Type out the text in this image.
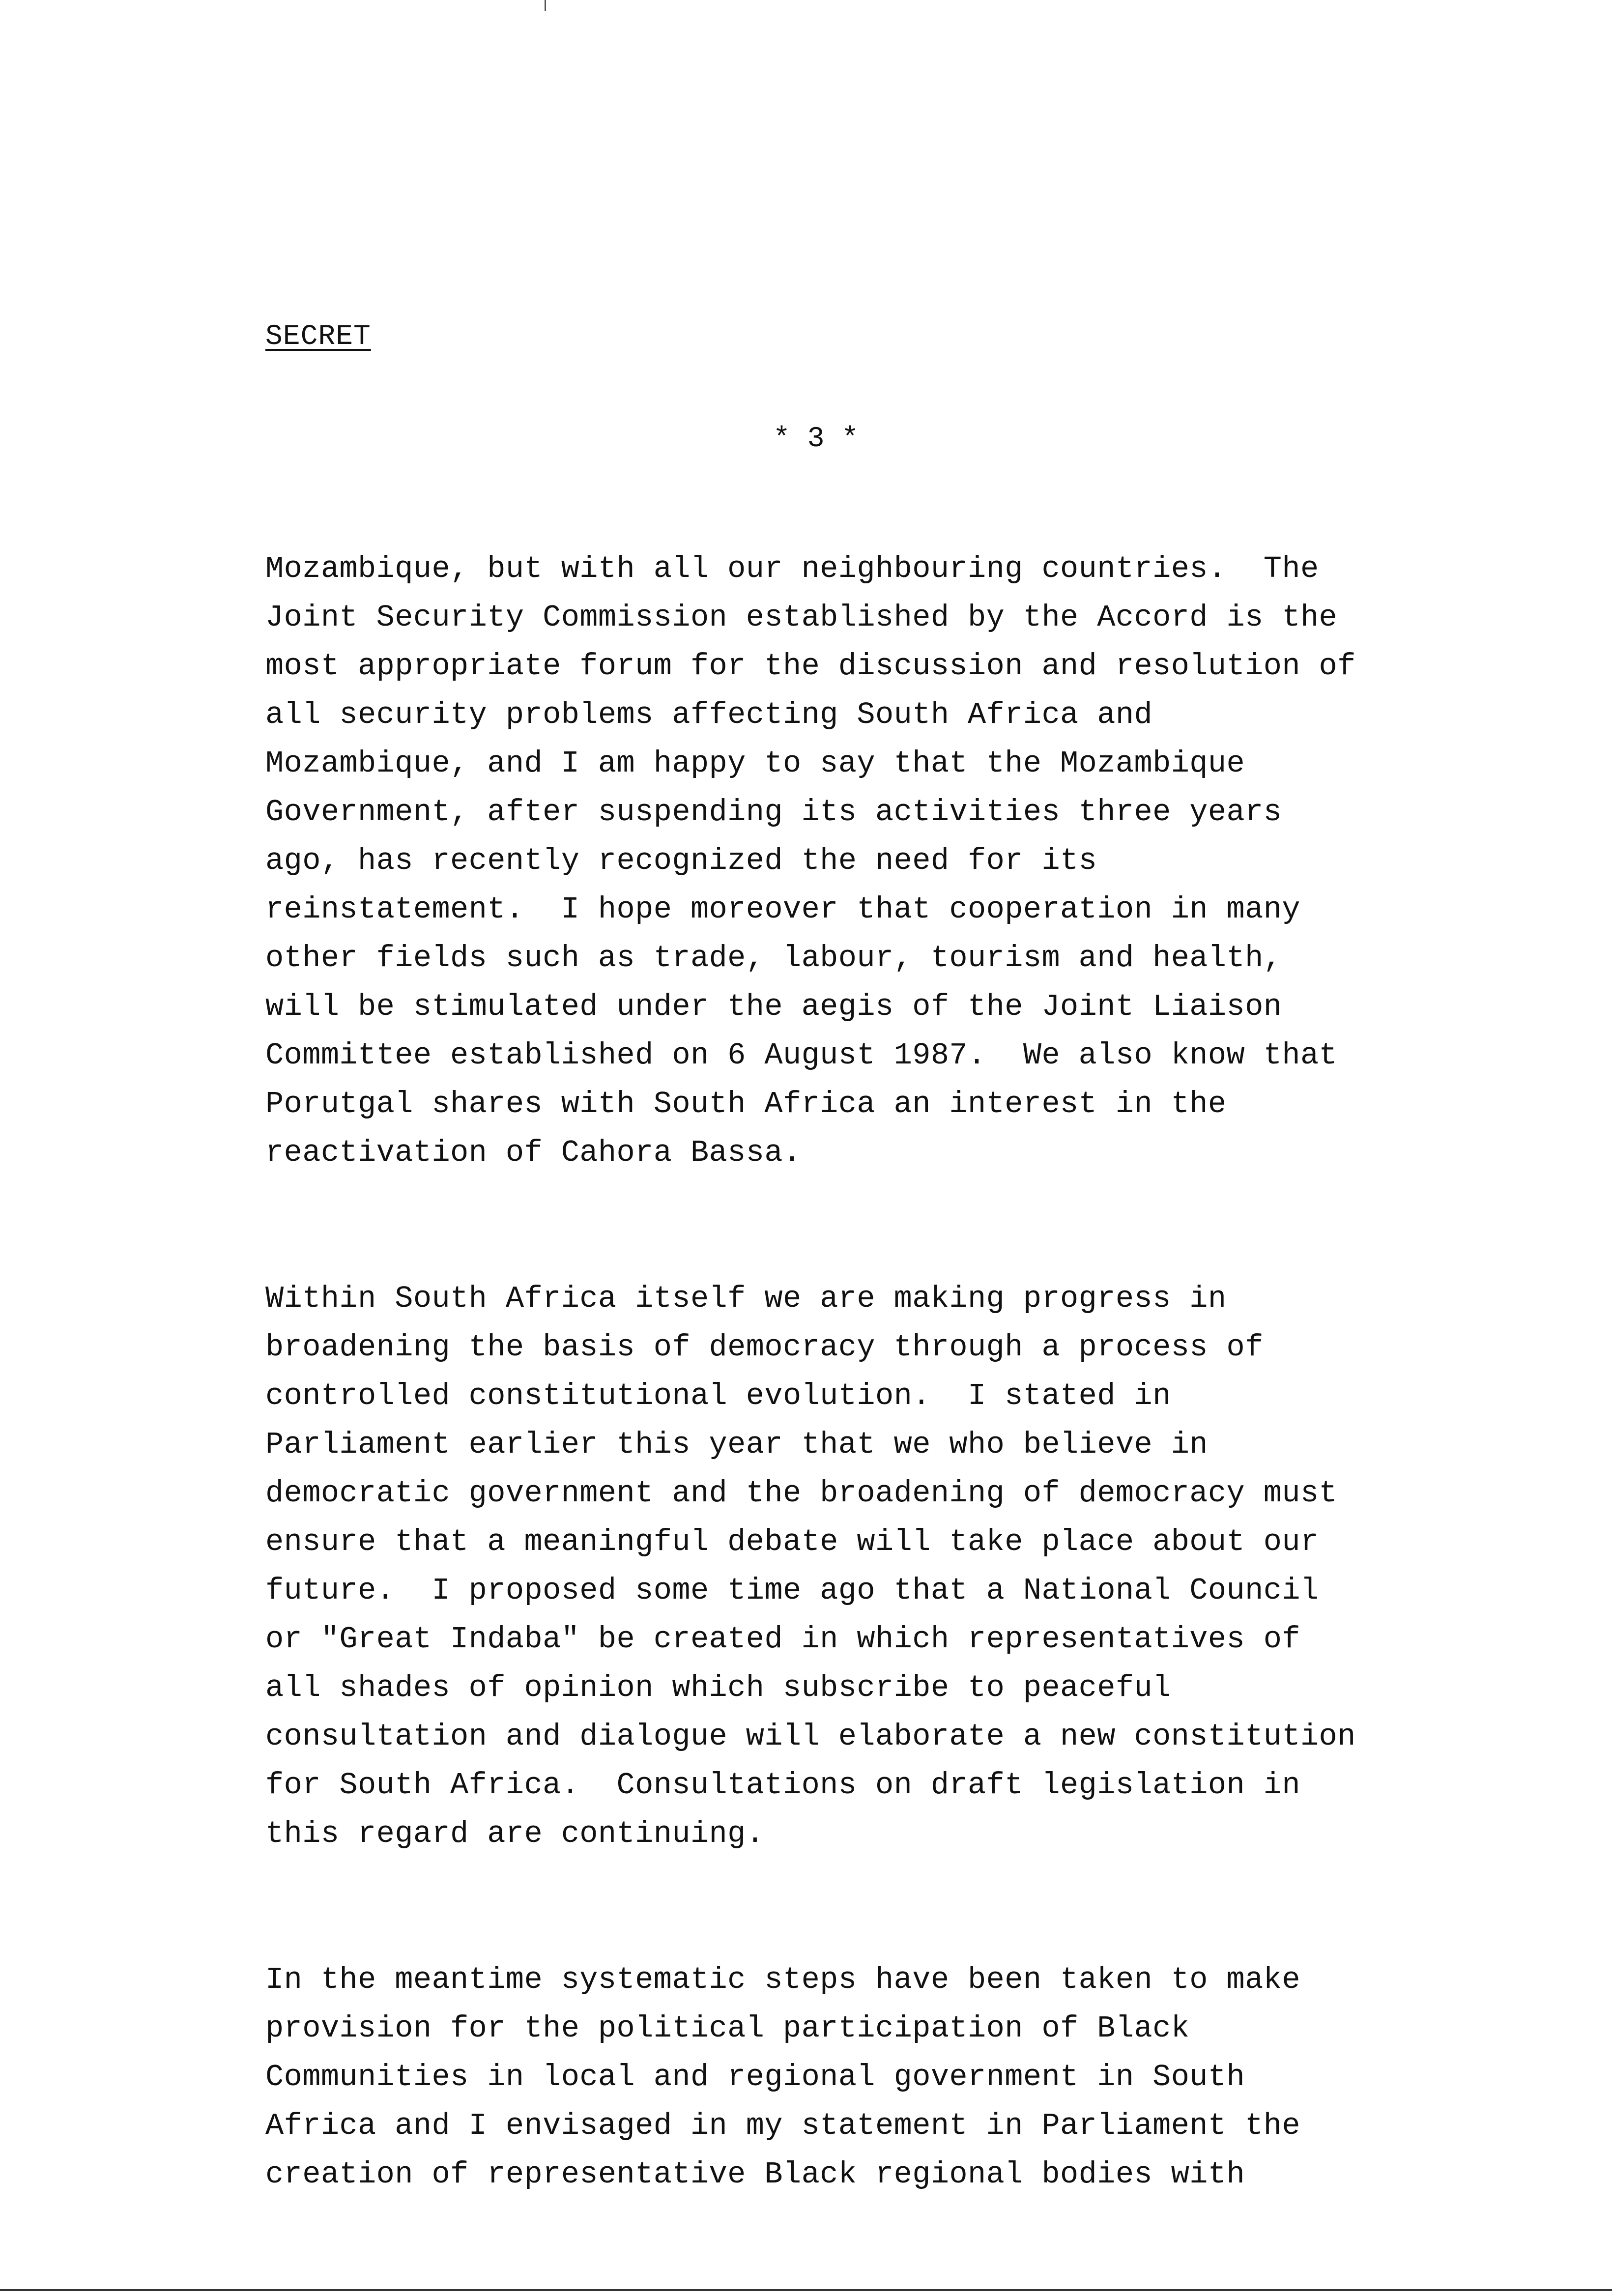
SECRET
* 3 *
Mozambique, but with all our neighbouring countries.  The
Joint Security Commission established by the Accord is the
most appropriate forum for the discussion and resolution of
all security problems affecting South Africa and
Mozambique, and I am happy to say that the Mozambique
Government, after suspending its activities three years
ago, has recently recognized the need for its
reinstatement.  I hope moreover that cooperation in many
other fields such as trade, labour, tourism and health,
will be stimulated under the aegis of the Joint Liaison
Committee established on 6 August 1987.  We also know that
Porutgal shares with South Africa an interest in the
reactivation of Cahora Bassa.
Within South Africa itself we are making progress in
broadening the basis of democracy through a process of
controlled constitutional evolution.  I stated in
Parliament earlier this year that we who believe in
democratic government and the broadening of democracy must
ensure that a meaningful debate will take place about our
future.  I proposed some time ago that a National Council
or "Great Indaba" be created in which representatives of
all shades of opinion which subscribe to peaceful
consultation and dialogue will elaborate a new constitution
for South Africa.  Consultations on draft legislation in
this regard are continuing.
In the meantime systematic steps have been taken to make
provision for the political participation of Black
Communities in local and regional government in South
Africa and I envisaged in my statement in Parliament the
creation of representative Black regional bodies with
